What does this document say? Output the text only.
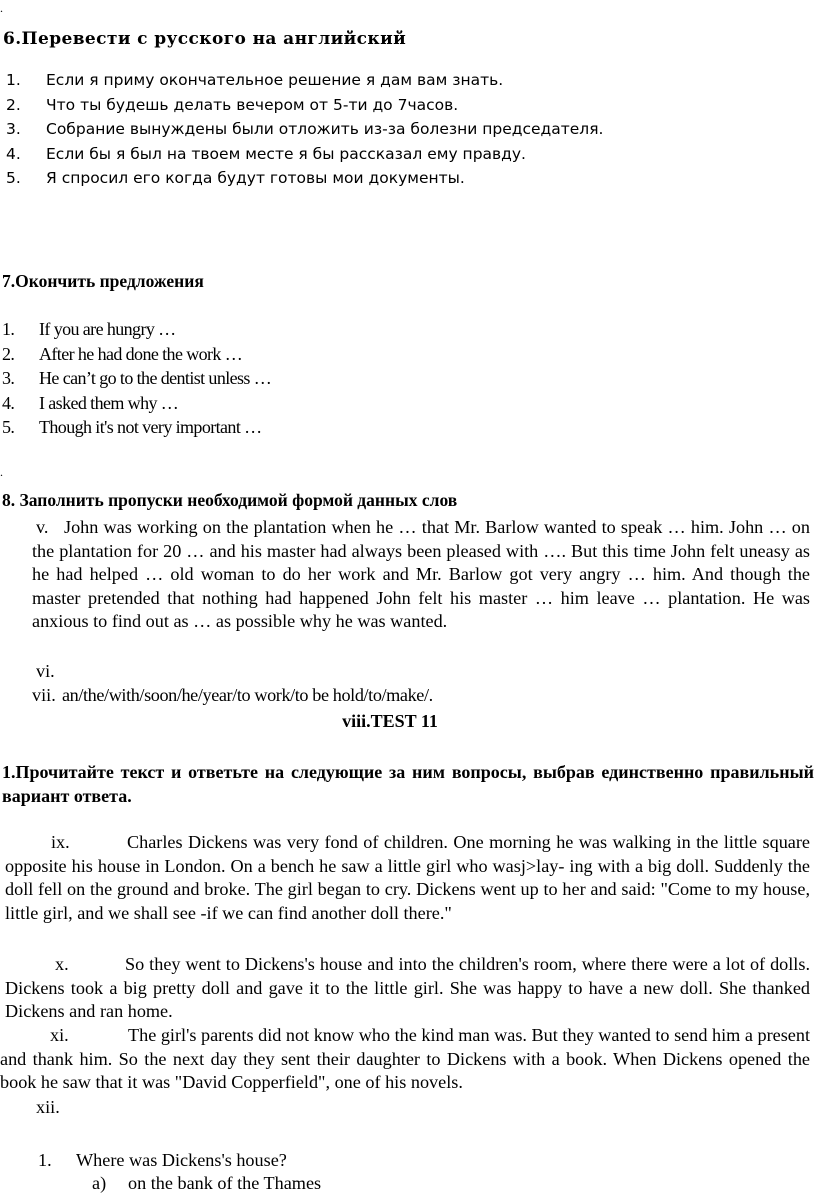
.
6.Перевести с русского на английский
1. Если я приму окончательное решение я дам вам знать.
2. Что ты будешь делать вечером от 5-ти до 7часов.
3. Собрание вынуждены были отложить из-за болезни председателя.
4. Если бы я был на твоем месте я бы рассказал ему правду.
5. Я спросил его когда будут готовы мои документы.
7.Окончить предложения
1. If you are hungry …
2. After he had done the work …
3. He can’t go to the dentist unless …
4. I asked them why …
5. Though it's not very important …
.
8. Заполнить пропуски необходимой формой данных слов
v. John was working on the plantation when he … that Mr. Barlow wanted to speak … him. John … on the plantation for 20 … and his master had always been pleased with …. But this time John felt uneasy as he had helped … old woman to do her work and Mr. Barlow got very angry … him. And though the master pretended that nothing had happened John felt his master … him leave … plantation. He was anxious to find out as … as possible why he was wanted.
vi.
vii. an/the/with/soon/he/year/to work/to be hold/to/make/.
viii.TEST 11
1.Прочитайте текст и ответьте на следующие за ним вопросы, выбрав единственно правильный вариант ответа.
ix.	Charles Dickens was very fond of children. One morning he was walking in the little square opposite his house in London. On a bench he saw a little girl who wasj>lay- ing with a big doll. Suddenly the doll fell on the ground and broke. The girl began to cry. Dickens went up to her and said: "Come to my house, little girl, and we shall see -if we can find another doll there."
x.	So they went to Dickens's house and into the children's room, where there were a lot of dolls. Dickens took a big pretty doll and gave it to the little girl. She was happy to have a new doll. She thanked Dickens and ran home.
xi.	The girl's parents did not know who the kind man was. But they wanted to send him a present and thank him. So the next day they sent their daughter to Dickens with a book. When Dickens opened the book he saw that it was "David Copperfield", one of his novels.
xii.
1. Where was Dickens's house?
a) on the bank of the Thames
